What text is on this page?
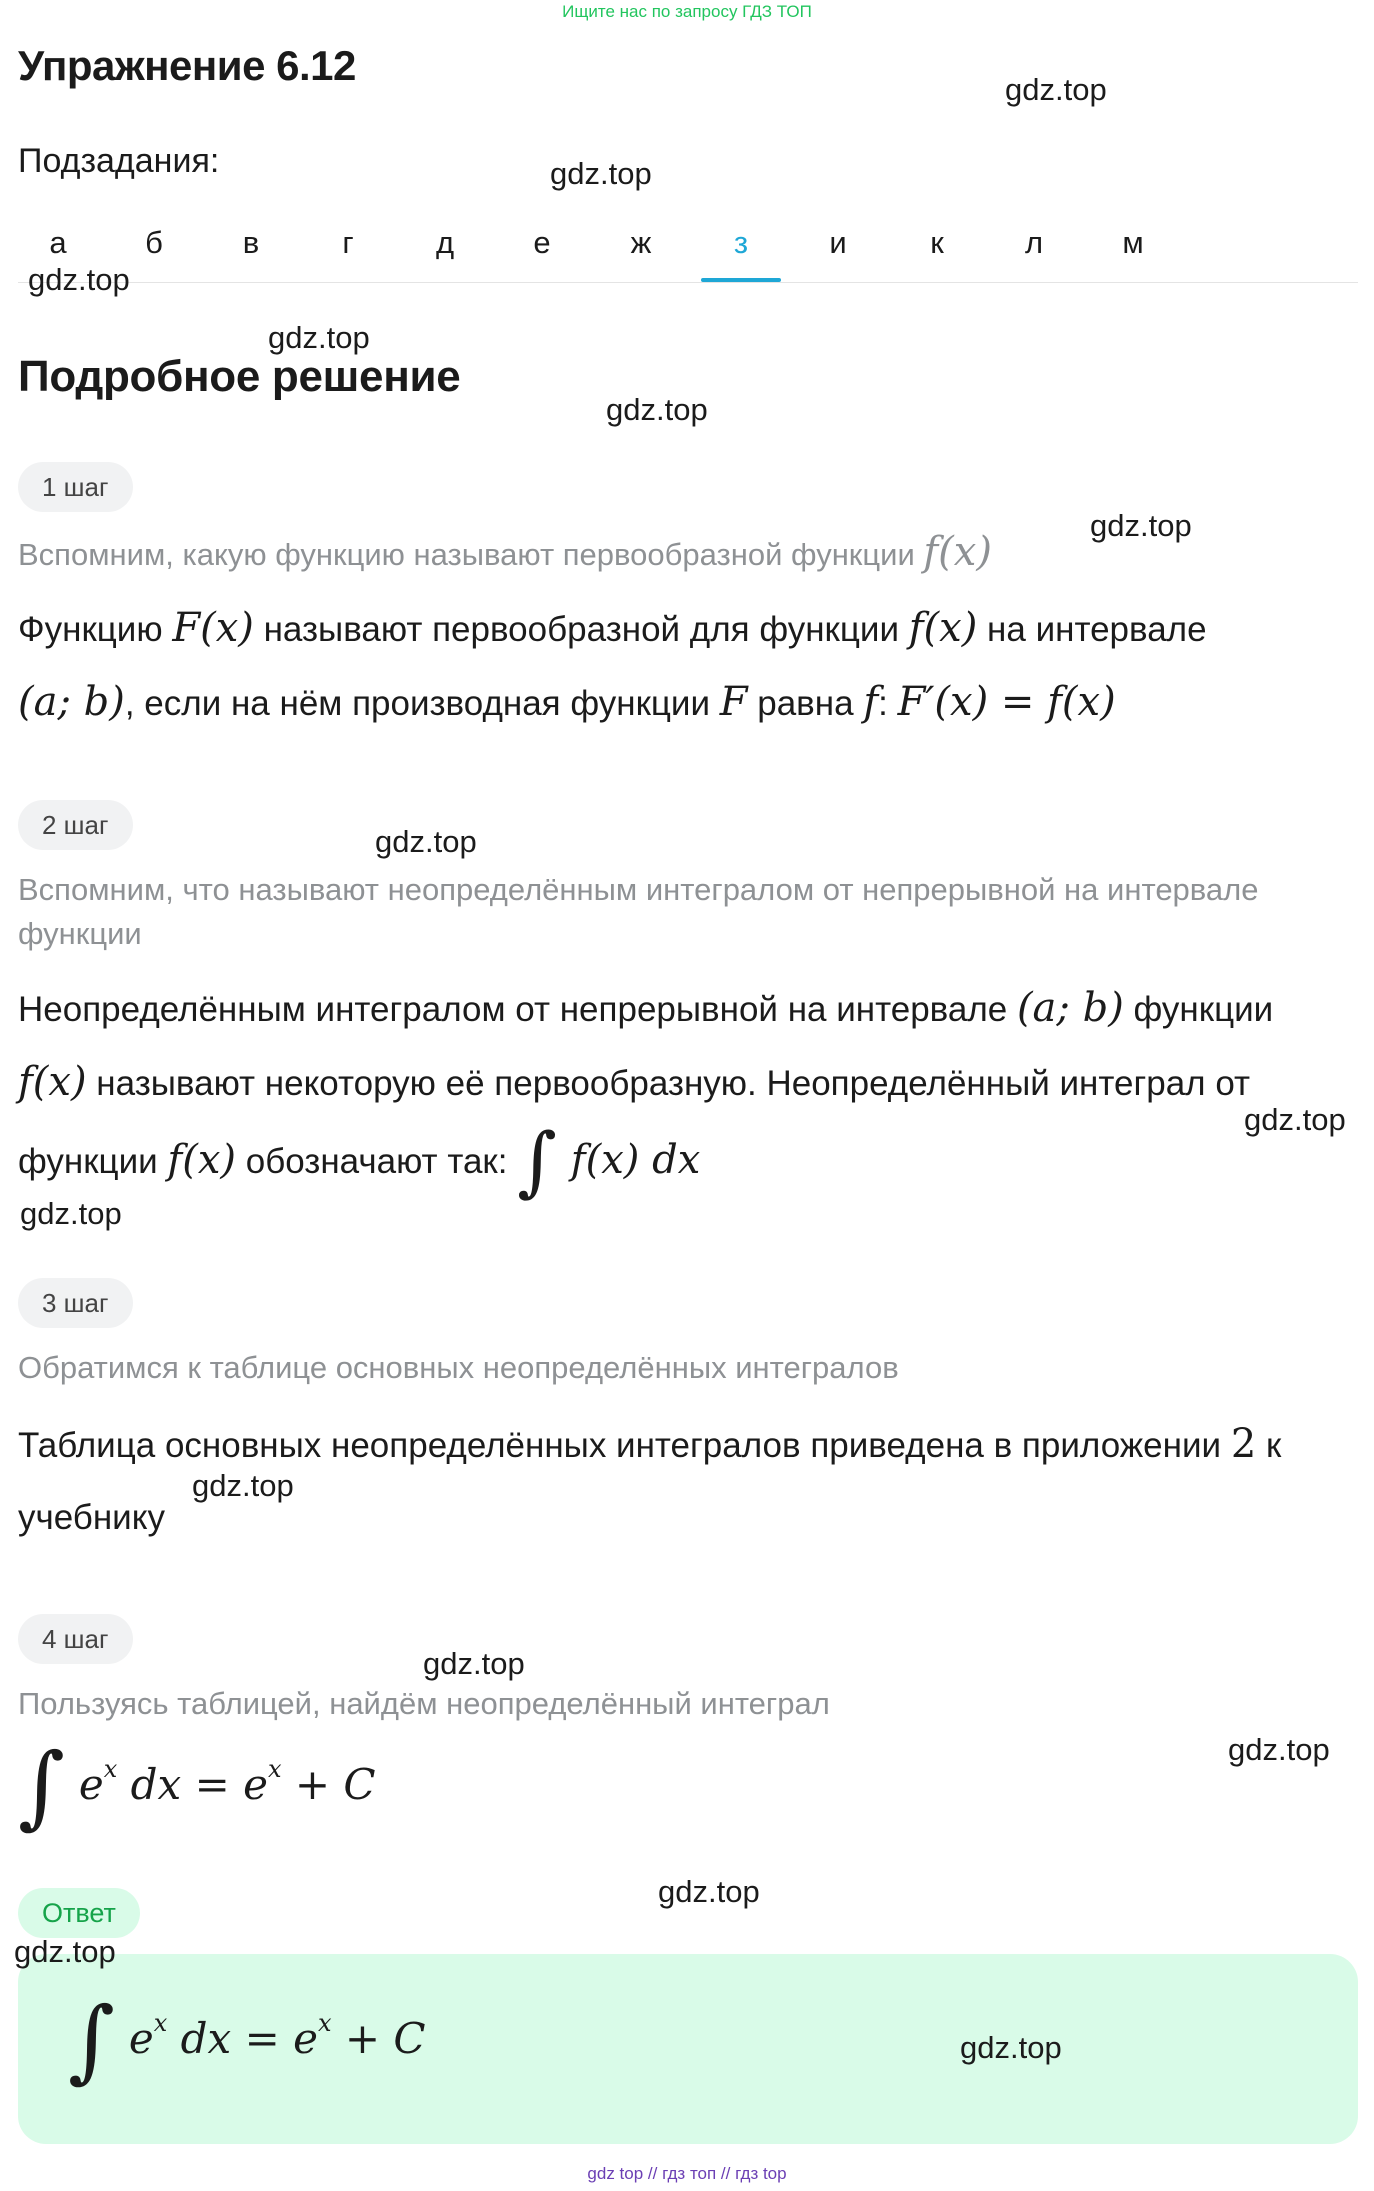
Ищите нас по запросу ГДЗ ТОП
Упражнение 6.12
Подзадания:
а	б	в	г	д	е	ж	з	и	к	л	м
Подробное решение
1 шаг
Вспомним, какую функцию называют первообразной функции f(x)
Функцию F(x) называют первообразной для функции f(x) на интервале
(a; b), если на нём производная функции F равна f: F′(x) = f(x)
2 шаг
Вспомним, что называют неопределённым интегралом от непрерывной на интервале функции
Неопределённым интегралом от непрерывной на интервале (a; b) функции
f(x) называют некоторую её первообразную. Неопределённый интеграл от
функции f(x) обозначают так: ∫ f(x) dx
3 шаг
Обратимся к таблице основных неопределённых интегралов
Таблица основных неопределённых интегралов приведена в приложении 2 к
учебнику
4 шаг
Пользуясь таблицей, найдём неопределённый интеграл
∫ $e^x$ dx = $e^x + C$
Ответ
∫ $e^x$ dx = $e^x + C$
gdz.top
gdz.top
gdz.top
gdz.top
gdz.top
gdz.top
gdz.top
gdz.top
gdz.top
gdz.top
gdz.top
gdz.top
gdz.top
gdz.top
gdz.top
gdz top // гдз топ // гдз top
